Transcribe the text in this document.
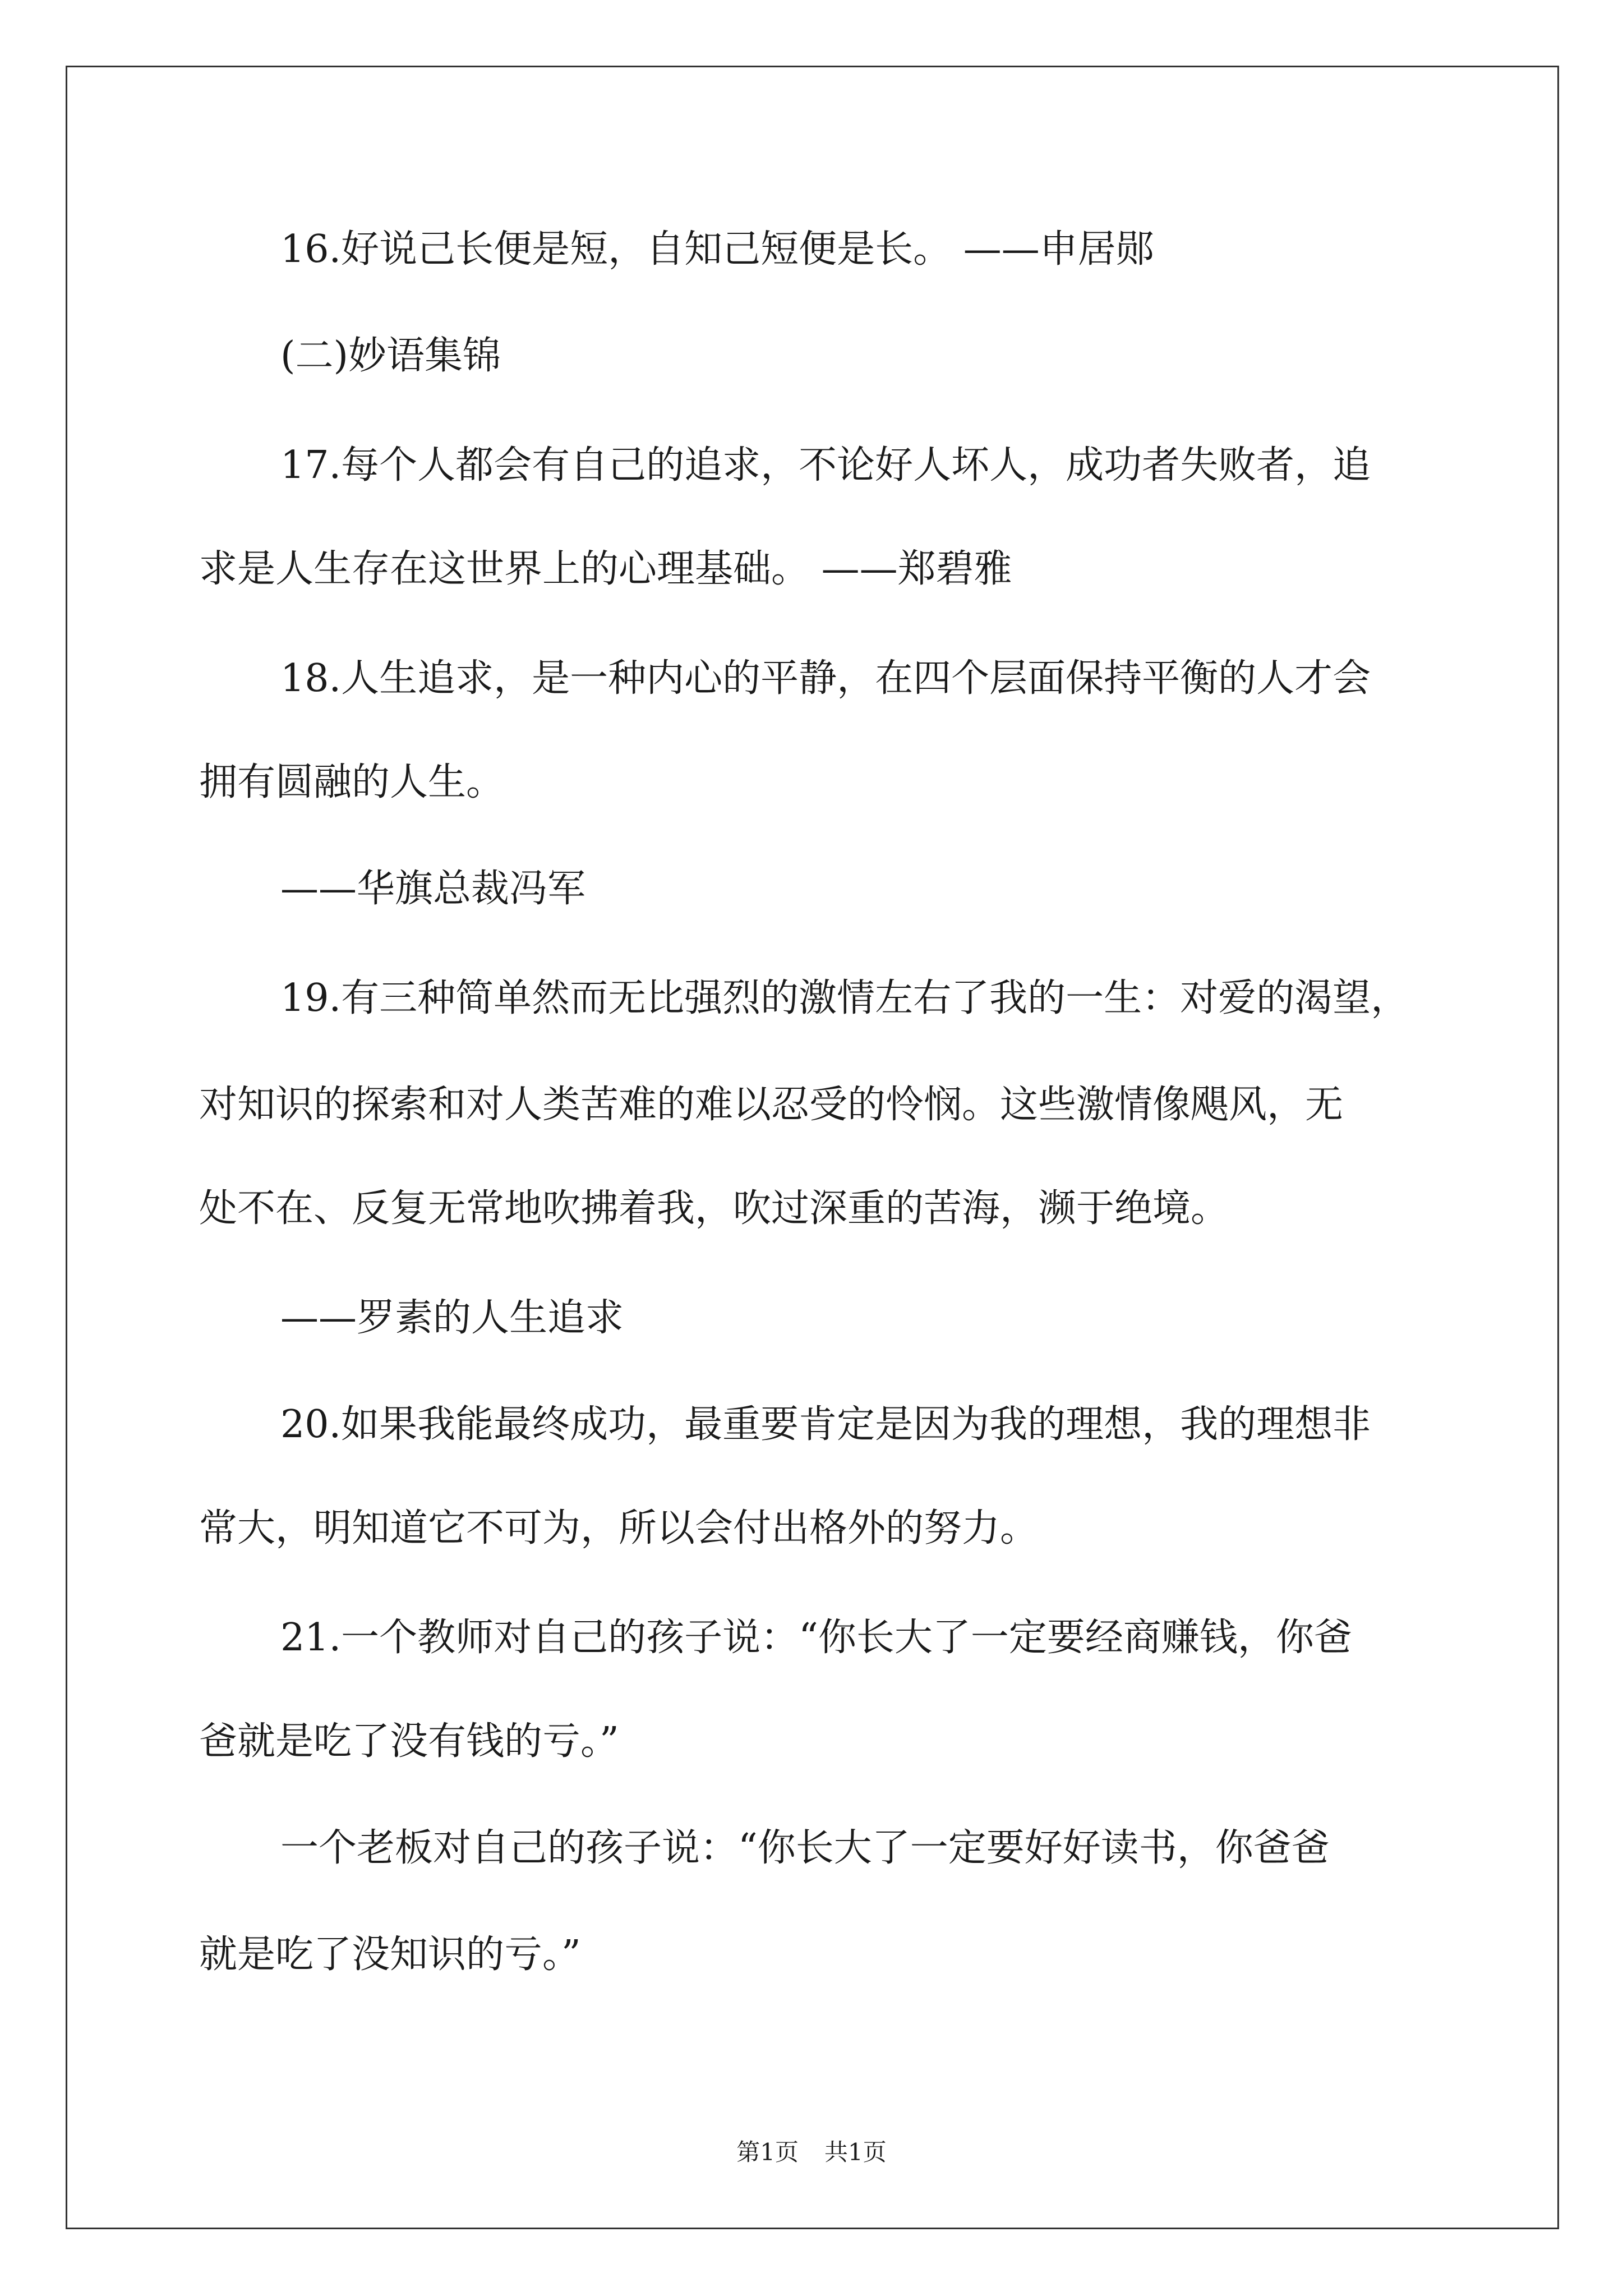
16.好说己长便是短，自知己短便是长。 ——申居郧
(二)妙语集锦
17.每个人都会有自己的追求，不论好人坏人，成功者失败者，追
求是人生存在这世界上的心理基础。 ——郑碧雅
18.人生追求，是一种内心的平静，在四个层面保持平衡的人才会
拥有圆融的人生。
——华旗总裁冯军
19.有三种简单然而无比强烈的激情左右了我的一生：对爱的渴望，
对知识的探索和对人类苦难的难以忍受的怜悯。这些激情像飓风，无
处不在、反复无常地吹拂着我，吹过深重的苦海，濒于绝境。
——罗素的人生追求
20.如果我能最终成功，最重要肯定是因为我的理想，我的理想非
常大，明知道它不可为，所以会付出格外的努力。
21.一个教师对自己的孩子说：“你长大了一定要经商赚钱，你爸
爸就是吃了没有钱的亏。”
一个老板对自己的孩子说：“你长大了一定要好好读书，你爸爸
就是吃了没知识的亏。”
第1页 共1页
